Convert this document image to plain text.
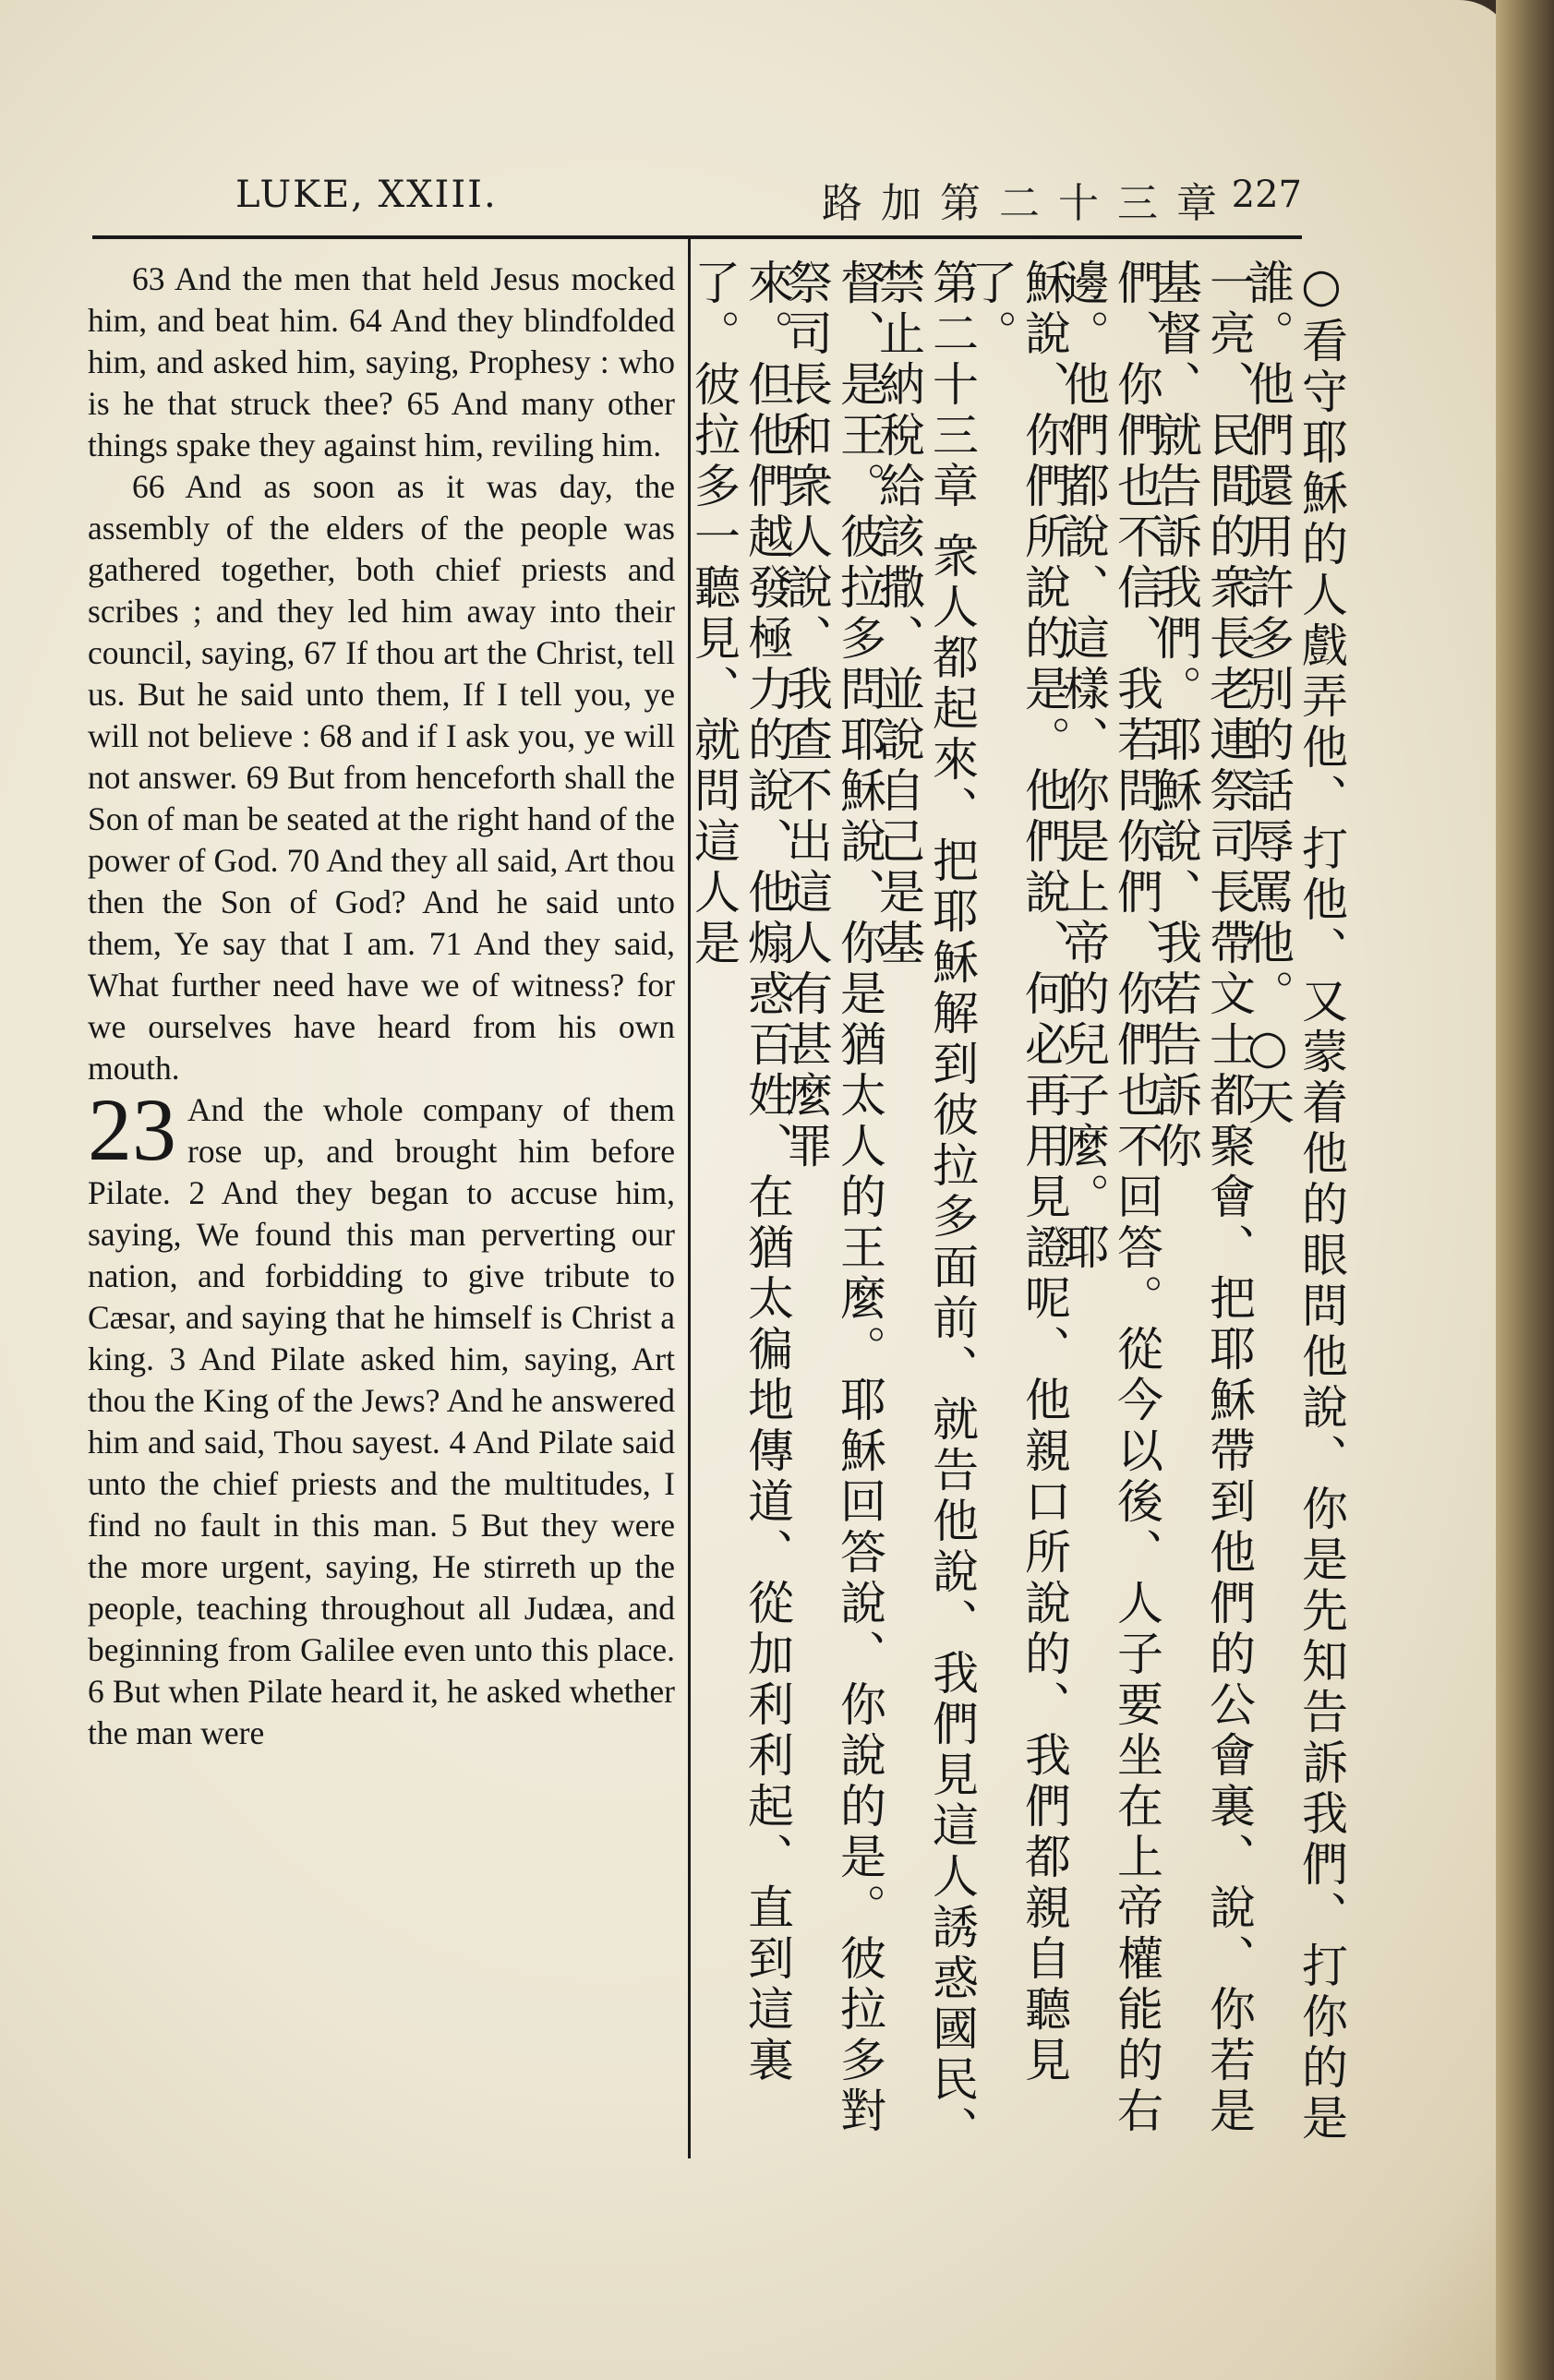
LUKE, XXIII.	路加第二十三章
227

63 And the men that held Jesus mocked him, and beat him. 64 And they blindfolded him, and asked him, saying, Prophesy : who is he that struck thee? 65 And many other things spake they against him, reviling him.

66 And as soon as it was day, the assembly of the elders of the people was gathered together, both chief priests and scribes ; and they led him away into their council, saying, 67 If thou art the Christ, tell us. But he said unto them, If I tell you, ye will not believe : 68 and if I ask you, ye will not answer. 69 But from henceforth shall the Son of man be seated at the right hand of the power of God. 70 And they all said, Art thou then the Son of God? And he said unto them, Ye say that I am. 71 And they said, What further need have we of witness? for we ourselves have heard from his own mouth.

23 And the whole company of them rose up, and brought him before Pilate. 2 And they began to accuse him, saying, We found this man perverting our nation, and forbidding to give tribute to Cæsar, and saying that he himself is Christ a king. 3 And Pilate asked him, saying, Art thou the King of the Jews? And he answered him and said, Thou sayest. 4 And Pilate said unto the chief priests and the multitudes, I find no fault in this man. 5 But they were the more urgent, saying, He stirreth up the people, teaching throughout all Judæa, and beginning from Galilee even unto this place. 6 But when Pilate heard it, he asked whether the man were	○看守耶穌的人戲弄他、打他、又蒙着他的眼問他說、你是先知告訴我們、打你的是誰。他們還用許多別的話辱罵他。○天
一亮、民間的衆長老連祭司長帶文士都聚會、把耶穌帶到他們的公會裏、說、你若是基督、就告訴我們。耶穌說、我若告訴你
們、你們也不信、我若問你們、你們也不回答。從今以後、人子要坐在上帝權能的右邊。他們都說、這樣、你是上帝的兒子麼。耶
穌說、你們所說的是。他們說、何必再用見證呢、他親口所說的、我們都親自聽見了。
第二十三章 衆人都起來、把耶穌解到彼拉多面前、就告他說、我們見這人誘惑國民、禁止納稅給該撒、並說自己是基
督、是王。彼拉多問耶穌說、你是猶太人的王麼。耶穌回答說、你說的是。彼拉多對祭司長和衆人說、我查不出這人有甚麼罪
來。但他們越發極力的說、他煽惑百姓、在猶太徧地傳道、從加利利起、直到這裏了。彼拉多一聽見、就問這人是
